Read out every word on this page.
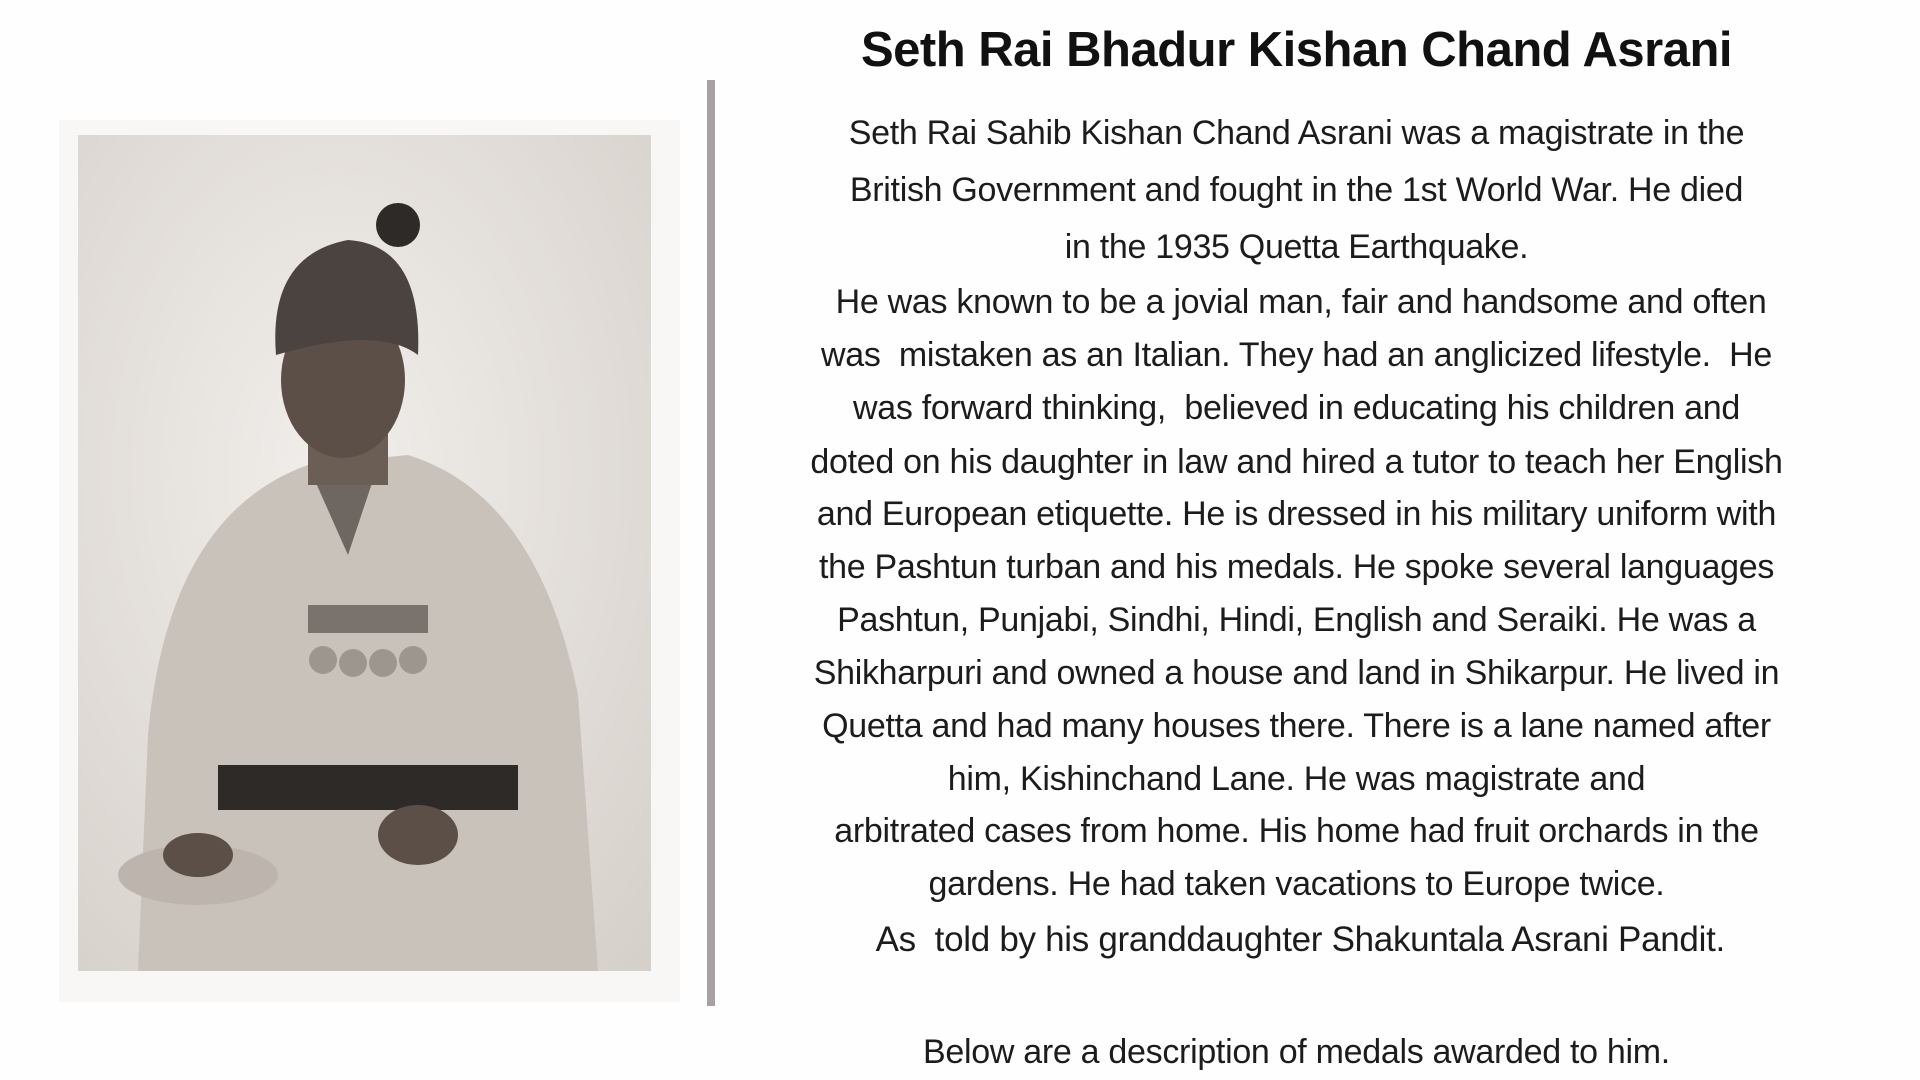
Seth Rai Bhadur Kishan Chand Asrani
Seth Rai Sahib Kishan Chand Asrani was a magistrate in the
British Government and fought in the 1st World War. He died
in the 1935 Quetta Earthquake.
He was known to be a jovial man, fair and handsome and often
was  mistaken as an Italian. They had an anglicized lifestyle.  He
was forward thinking,  believed in educating his children and
doted on his daughter in law and hired a tutor to teach her English
and European etiquette. He is dressed in his military uniform with
the Pashtun turban and his medals. He spoke several languages
Pashtun, Punjabi, Sindhi, Hindi, English and Seraiki. He was a
Shikharpuri and owned a house and land in Shikarpur. He lived in
Quetta and had many houses there. There is a lane named after
him, Kishinchand Lane. He was magistrate and
arbitrated cases from home. His home had fruit orchards in the
gardens. He had taken vacations to Europe twice.
As  told by his granddaughter Shakuntala Asrani Pandit.
Below are a description of medals awarded to him.
